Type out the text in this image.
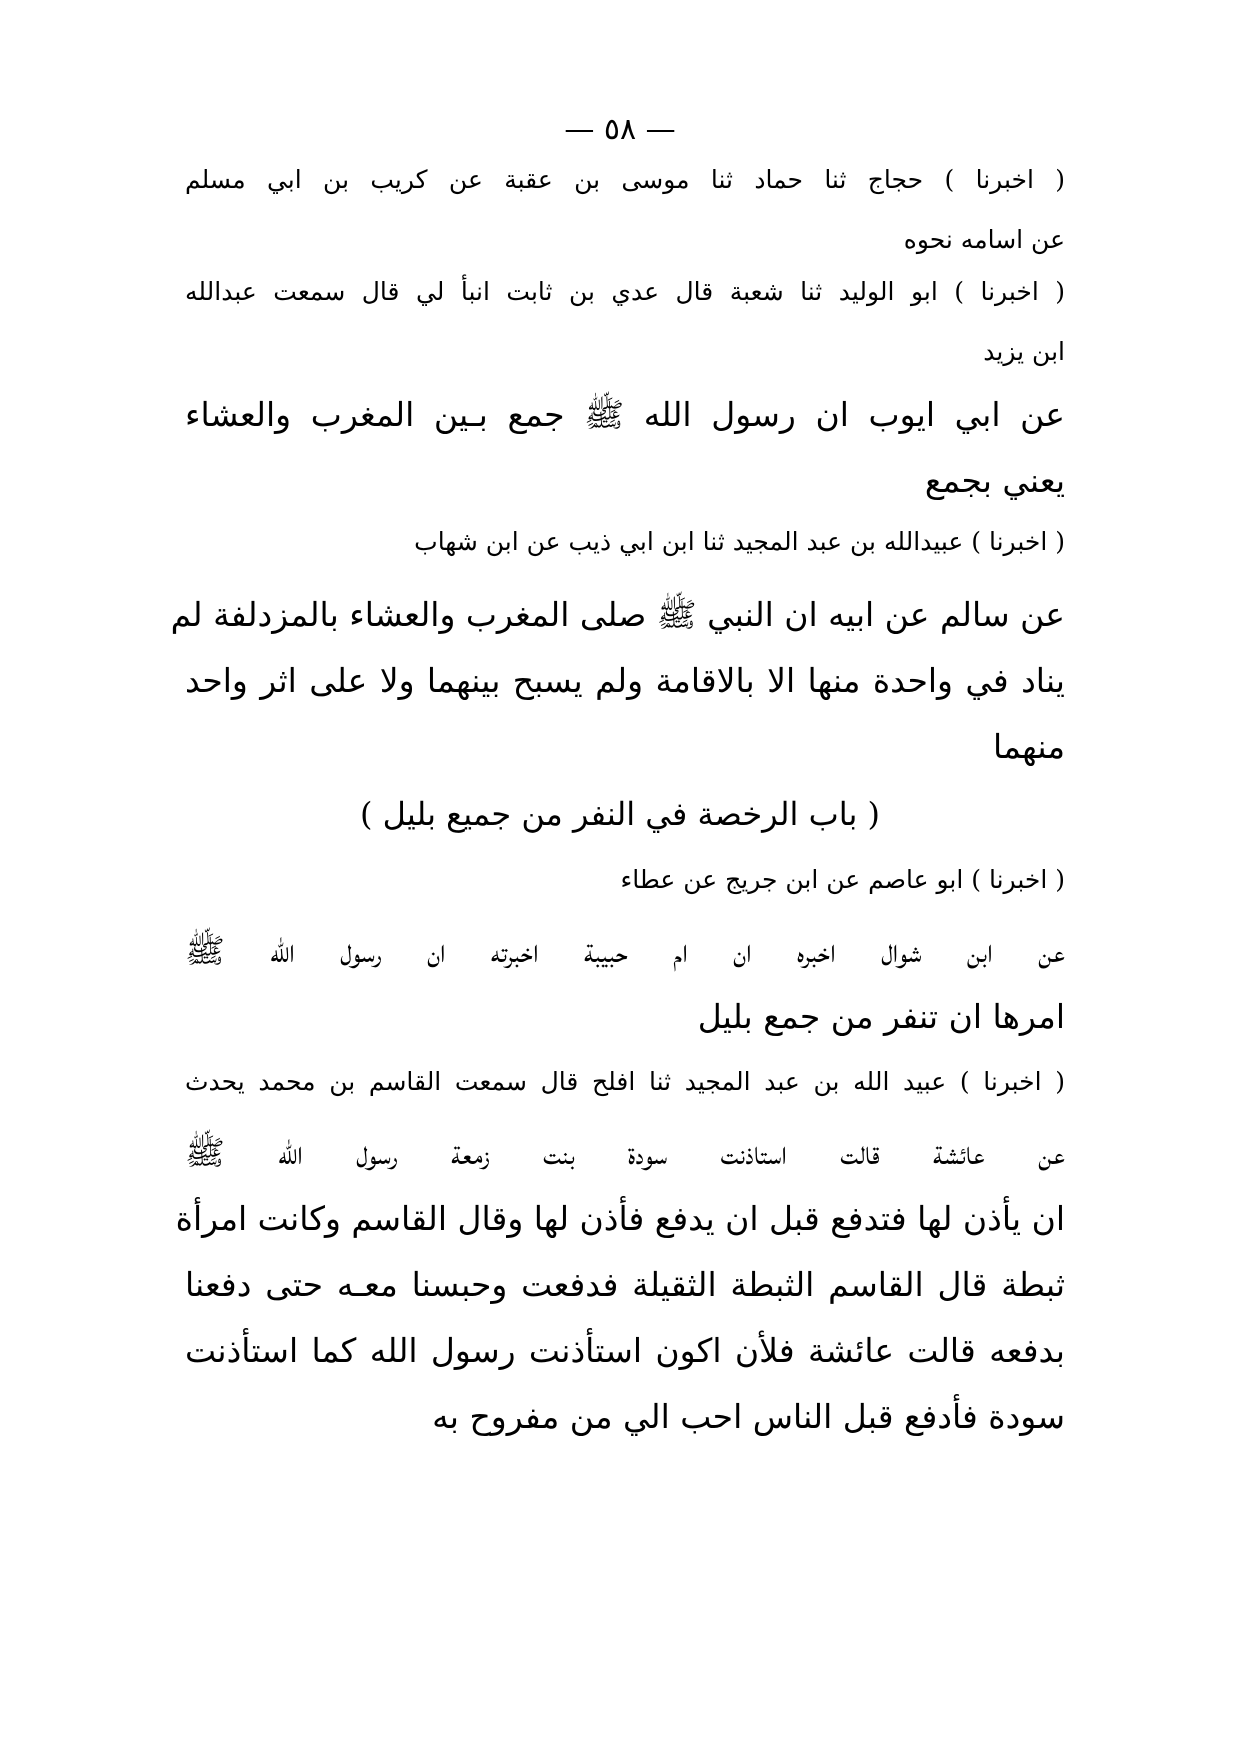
— ٥٨ —
( اخبرنا ) حجاج ثنا حماد ثنا موسى بن عقبة عن كريب بن ابي مسلم
عن اسامه نحوه
( اخبرنا ) ابو الوليد ثنا شعبة قال عدي بن ثابت انبأ لي قال سمعت عبدالله
ابن يزيد
عن ابي ايوب ان رسول الله ﷺ جمع بـين المغرب والعشاء
يعني بجمع
( اخبرنا ) عبيدالله بن عبد المجيد ثنا ابن ابي ذيب عن ابن شهاب
عن سالم عن ابيه ان النبي ﷺ صلى المغرب والعشاء بالمزدلفة لم
يناد في واحدة منها الا بالاقامة ولم يسبح بينهما ولا على اثر واحد
منهما
( باب الرخصة في النفر من جميع بليل )
( اخبرنا ) ابو عاصم عن ابن جريج عن عطاء
عن ابن شوال اخبره ان ام حبيبة اخبرته ان رسول الله ﷺ
امرها ان تنفر من جمع بليل
( اخبرنا ) عبيد الله بن عبد المجيد ثنا افلح قال سمعت القاسم بن محمد يحدث
عن عائشة قالت استاذنت سودة بنت زمعة رسول الله ﷺ
ان يأذن لها فتدفع قبل ان يدفع فأذن لها وقال القاسم وكانت امرأة
ثبطة قال القاسم الثبطة الثقيلة فدفعت وحبسنا معـه حتى دفعنا
بدفعه قالت عائشة فلأن اكون استأذنت رسول الله كما استأذنت
سودة فأدفع قبل الناس احب الي من مفروح به
